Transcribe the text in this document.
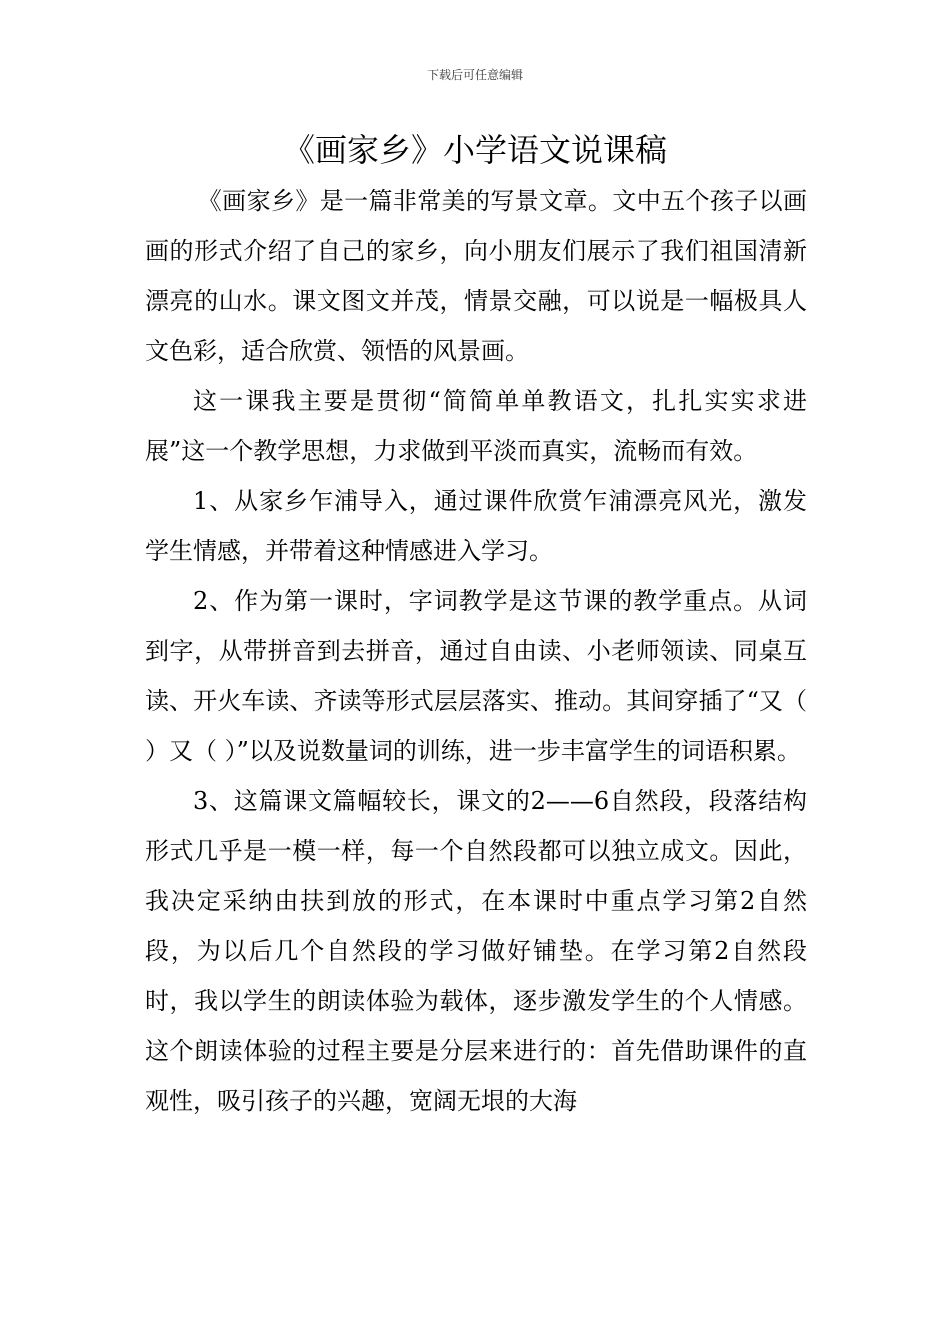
下载后可任意编辑
《画家乡》小学语文说课稿

《画家乡》是一篇非常美的写景文章。文中五个孩子以画画的形式介绍了自己的家乡，向小朋友们展示了我们祖国清新漂亮的山水。课文图文并茂，情景交融，可以说是一幅极具人文色彩，适合欣赏、领悟的风景画。

这一课我主要是贯彻“简简单单教语文，扎扎实实求进展”这一个教学思想，力求做到平淡而真实，流畅而有效。

1、从家乡乍浦导入，通过课件欣赏乍浦漂亮风光，激发学生情感，并带着这种情感进入学习。

2、作为第一课时，字词教学是这节课的教学重点。从词到字，从带拼音到去拼音，通过自由读、小老师领读、同桌互读、开火车读、齐读等形式层层落实、推动。其间穿插了“又（ ）又（ ）”以及说数量词的训练，进一步丰富学生的词语积累。

3、这篇课文篇幅较长，课文的2——6自然段，段落结构形式几乎是一模一样，每一个自然段都可以独立成文。因此，我决定采纳由扶到放的形式，在本课时中重点学习第2自然段，为以后几个自然段的学习做好铺垫。在学习第2自然段时，我以学生的朗读体验为载体，逐步激发学生的个人情感。这个朗读体验的过程主要是分层来进行的：首先借助课件的直观性，吸引孩子的兴趣，宽阔无垠的大海
